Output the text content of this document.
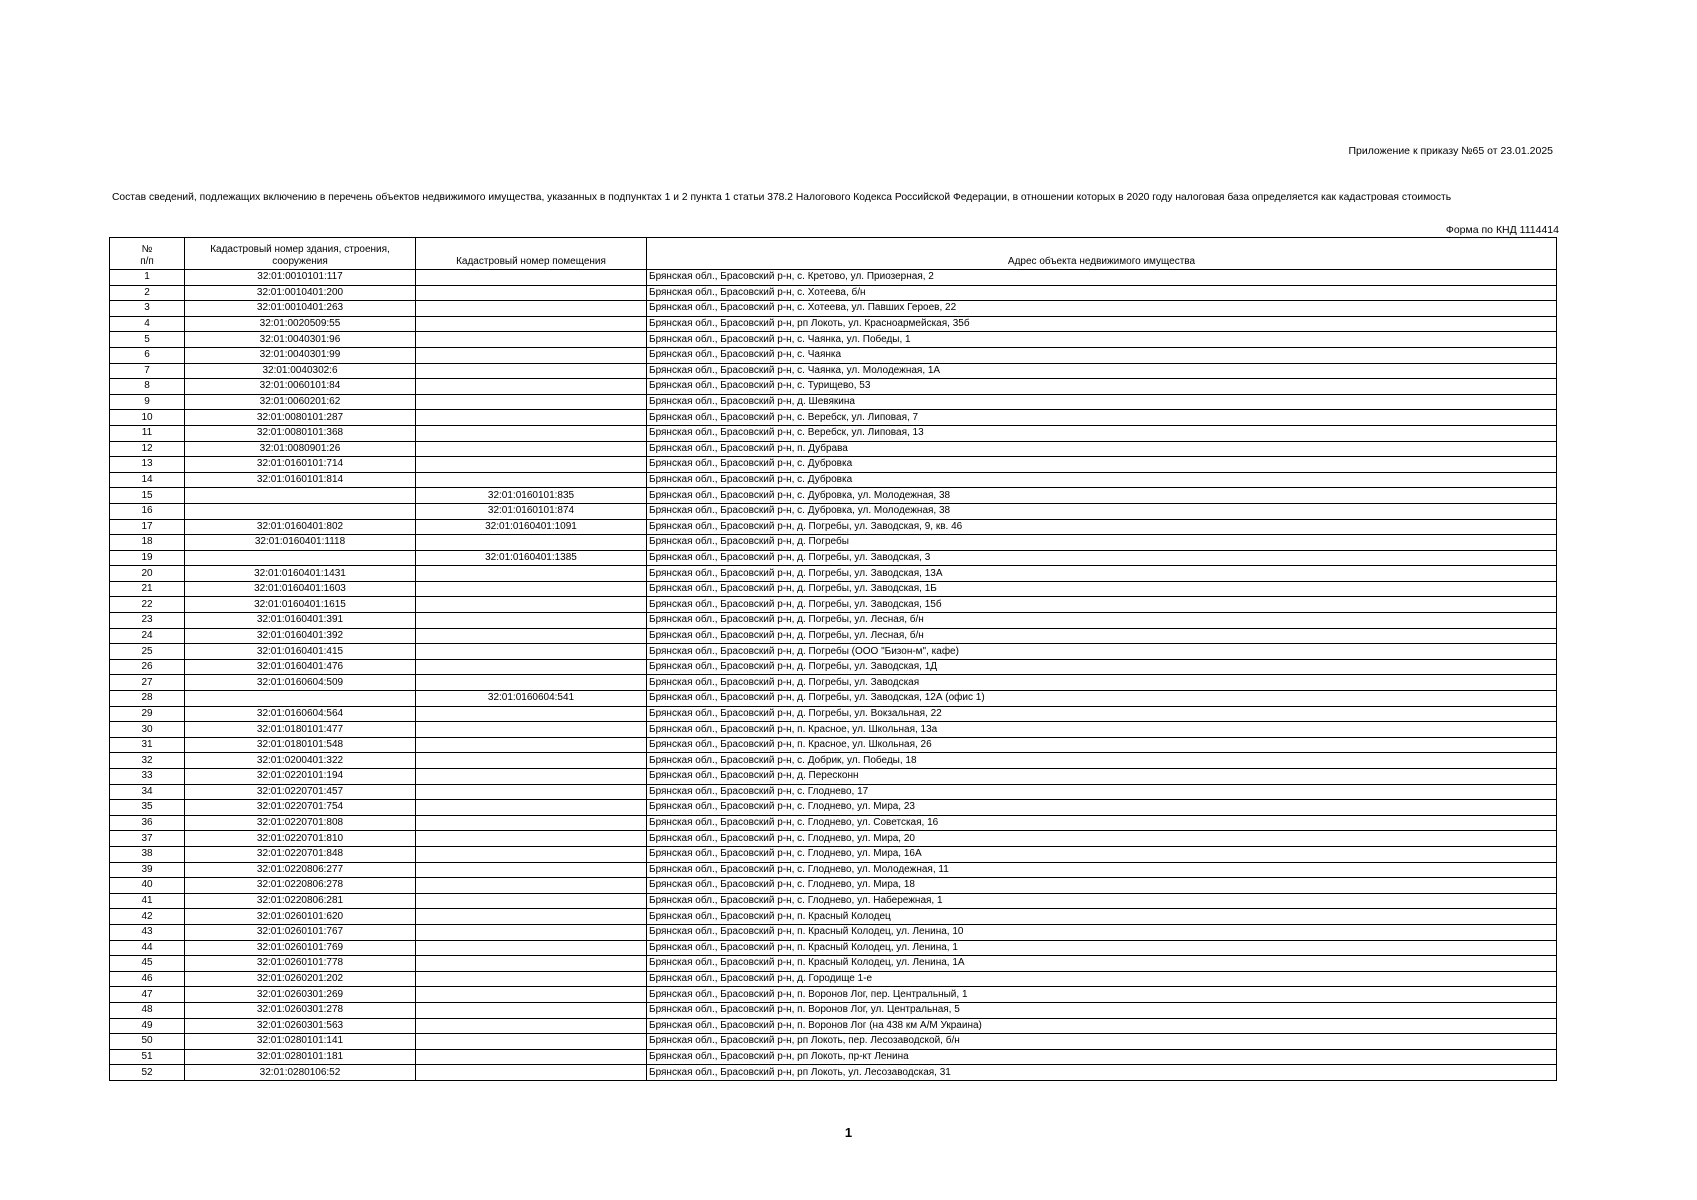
Приложение к приказу №65 от 23.01.2025
Состав сведений, подлежащих включению в перечень объектов недвижимого имущества, указанных в подпунктах 1 и 2 пункта 1 статьи 378.2 Налогового Кодекса Российской Федерации, в отношении которых в 2020 году налоговая база определяется как кадастровая стоимость
Форма по КНД 1114414
№
п/п	Кадастровый номер здания, строения, сооружения	Кадастровый номер помещения	Адрес объекта недвижимого имущества
1	32:01:0010101:117		Брянская обл., Брасовский р-н, с. Кретово, ул. Приозерная, 2
2	32:01:0010401:200		Брянская обл., Брасовский р-н, с. Хотеева, б/н
3	32:01:0010401:263		Брянская обл., Брасовский р-н, с. Хотеева, ул. Павших Героев, 22
4	32:01:0020509:55		Брянская обл., Брасовский р-н, рп Локоть, ул. Красноармейская, 35б
5	32:01:0040301:96		Брянская обл., Брасовский р-н, с. Чаянка, ул. Победы, 1
6	32:01:0040301:99		Брянская обл., Брасовский р-н, с. Чаянка
7	32:01:0040302:6		Брянская обл., Брасовский р-н, с. Чаянка, ул. Молодежная, 1А
8	32:01:0060101:84		Брянская обл., Брасовский р-н, с. Турищево, 53
9	32:01:0060201:62		Брянская обл., Брасовский р-н, д. Шевякина
10	32:01:0080101:287		Брянская обл., Брасовский р-н, с. Веребск, ул. Липовая, 7
11	32:01:0080101:368		Брянская обл., Брасовский р-н, с. Веребск, ул. Липовая, 13
12	32:01:0080901:26		Брянская обл., Брасовский р-н, п. Дубрава
13	32:01:0160101:714		Брянская обл., Брасовский р-н, с. Дубровка
14	32:01:0160101:814		Брянская обл., Брасовский р-н, с. Дубровка
15		32:01:0160101:835	Брянская обл., Брасовский р-н, с. Дубровка, ул. Молодежная, 38
16		32:01:0160101:874	Брянская обл., Брасовский р-н, с. Дубровка, ул. Молодежная, 38
17	32:01:0160401:802	32:01:0160401:1091	Брянская обл., Брасовский р-н, д. Погребы, ул. Заводская, 9, кв. 46
18	32:01:0160401:1118		Брянская обл., Брасовский р-н, д. Погребы
19		32:01:0160401:1385	Брянская обл., Брасовский р-н, д. Погребы, ул. Заводская, 3
20	32:01:0160401:1431		Брянская обл., Брасовский р-н, д. Погребы, ул. Заводская, 13А
21	32:01:0160401:1603		Брянская обл., Брасовский р-н, д. Погребы, ул. Заводская, 1Б
22	32:01:0160401:1615		Брянская обл., Брасовский р-н, д. Погребы, ул. Заводская, 15б
23	32:01:0160401:391		Брянская обл., Брасовский р-н, д. Погребы, ул. Лесная, б/н
24	32:01:0160401:392		Брянская обл., Брасовский р-н, д. Погребы, ул. Лесная, б/н
25	32:01:0160401:415		Брянская обл., Брасовский р-н, д. Погребы (ООО "Бизон-м", кафе)
26	32:01:0160401:476		Брянская обл., Брасовский р-н, д. Погребы, ул. Заводская, 1Д
27	32:01:0160604:509		Брянская обл., Брасовский р-н, д. Погребы, ул. Заводская
28		32:01:0160604:541	Брянская обл., Брасовский р-н, д. Погребы, ул. Заводская, 12А (офис 1)
29	32:01:0160604:564		Брянская обл., Брасовский р-н, д. Погребы, ул. Вокзальная, 22
30	32:01:0180101:477		Брянская обл., Брасовский р-н, п. Красное, ул. Школьная, 13а
31	32:01:0180101:548		Брянская обл., Брасовский р-н, п. Красное, ул. Школьная, 26
32	32:01:0200401:322		Брянская обл., Брасовский р-н, с. Добрик, ул. Победы, 18
33	32:01:0220101:194		Брянская обл., Брасовский р-н, д. Пересконн
34	32:01:0220701:457		Брянская обл., Брасовский р-н, с. Глоднево, 17
35	32:01:0220701:754		Брянская обл., Брасовский р-н, с. Глоднево, ул. Мира, 23
36	32:01:0220701:808		Брянская обл., Брасовский р-н, с. Глоднево, ул. Советская, 16
37	32:01:0220701:810		Брянская обл., Брасовский р-н, с. Глоднево, ул. Мира, 20
38	32:01:0220701:848		Брянская обл., Брасовский р-н, с. Глоднево, ул. Мира, 16А
39	32:01:0220806:277		Брянская обл., Брасовский р-н, с. Глоднево, ул. Молодежная, 11
40	32:01:0220806:278		Брянская обл., Брасовский р-н, с. Глоднево, ул. Мира, 18
41	32:01:0220806:281		Брянская обл., Брасовский р-н, с. Глоднево, ул. Набережная, 1
42	32:01:0260101:620		Брянская обл., Брасовский р-н, п. Красный Колодец
43	32:01:0260101:767		Брянская обл., Брасовский р-н, п. Красный Колодец, ул. Ленина, 10
44	32:01:0260101:769		Брянская обл., Брасовский р-н, п. Красный Колодец, ул. Ленина, 1
45	32:01:0260101:778		Брянская обл., Брасовский р-н, п. Красный Колодец, ул. Ленина, 1А
46	32:01:0260201:202		Брянская обл., Брасовский р-н, д. Городище 1-е
47	32:01:0260301:269		Брянская обл., Брасовский р-н, п. Воронов Лог, пер. Центральный, 1
48	32:01:0260301:278		Брянская обл., Брасовский р-н, п. Воронов Лог, ул. Центральная, 5
49	32:01:0260301:563		Брянская обл., Брасовский р-н, п. Воронов Лог (на 438 км А/М Украина)
50	32:01:0280101:141		Брянская обл., Брасовский р-н, рп Локоть, пер. Лесозаводской, б/н
51	32:01:0280101:181		Брянская обл., Брасовский р-н, рп Локоть, пр-кт Ленина
52	32:01:0280106:52		Брянская обл., Брасовский р-н, рп Локоть, ул. Лесозаводская, 31
1
